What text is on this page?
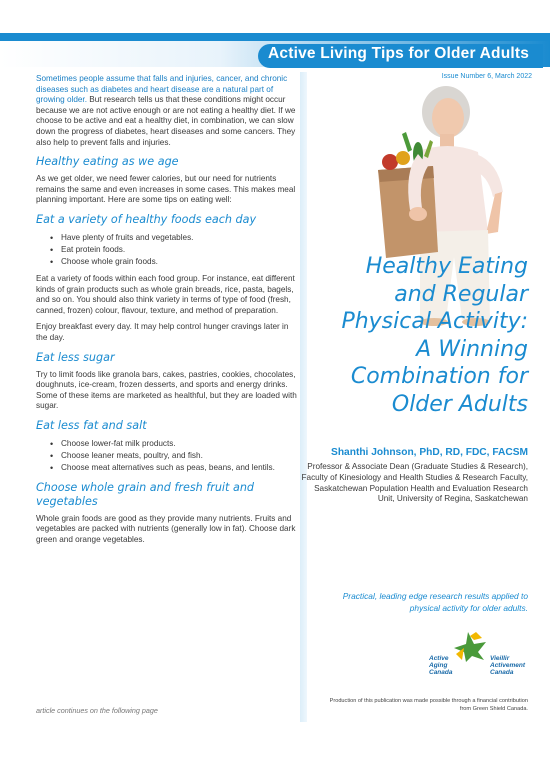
Active Living Tips for Older Adults
Issue Number 6, March 2022

Sometimes people assume that falls and injuries, cancer, and chronic diseases such as diabetes and heart disease are a natural part of growing older. But research tells us that these conditions might occur because we are not active enough or are not eating a healthy diet. If we choose to be active and eat a healthy diet, in combination, we can slow down the progress of diabetes, heart diseases and some cancers. They also help to prevent falls and injuries.

Healthy eating as we age

As we get older, we need fewer calories, but our need for nutrients remains the same and even increases in some cases. This makes meal planning important. Here are some tips on eating well:

Eat a variety of healthy foods each day
• Have plenty of fruits and vegetables.
• Eat protein foods.
• Choose whole grain foods.

Eat a variety of foods within each food group. For instance, eat different kinds of grain products such as whole grain breads, rice, pasta, bagels, and so on. You should also think variety in terms of type of food (fresh, canned, frozen) colour, flavour, texture, and method of preparation.

Enjoy breakfast every day. It may help control hunger cravings later in the day.

Eat less sugar

Try to limit foods like granola bars, cakes, pastries, cookies, chocolates, doughnuts, ice-cream, frozen desserts, and sports and energy drinks. Some of these items are marketed as healthful, but they are loaded with sugar.

Eat less fat and salt
• Choose lower-fat milk products.
• Choose leaner meats, poultry, and fish.
• Choose meat alternatives such as peas, beans, and lentils.
Choose whole grain and fresh fruit and vegetables

Whole grain foods are good as they provide many nutrients. Fruits and vegetables are packed with nutrients (generally low in fat). Choose dark green and orange vegetables.

article continues on the following page
Healthy Eating
and Regular
Physical Activity:
A Winning
Combination for
Older Adults
Shanthi Johnson, PhD, RD, FDC, FACSM
Professor & Associate Dean (Graduate Studies & Research), Faculty of Kinesiology and Health Studies & Research Faculty, Saskatchewan Population Health and Evaluation Research Unit, University of Regina, Saskatchewan
Practical, leading edge research results applied to physical activity for older adults.
Active
Aging
Canada
Vieillir
Activement
Canada
Production of this publication was made possible through a financial contribution from Green Shield Canada.
